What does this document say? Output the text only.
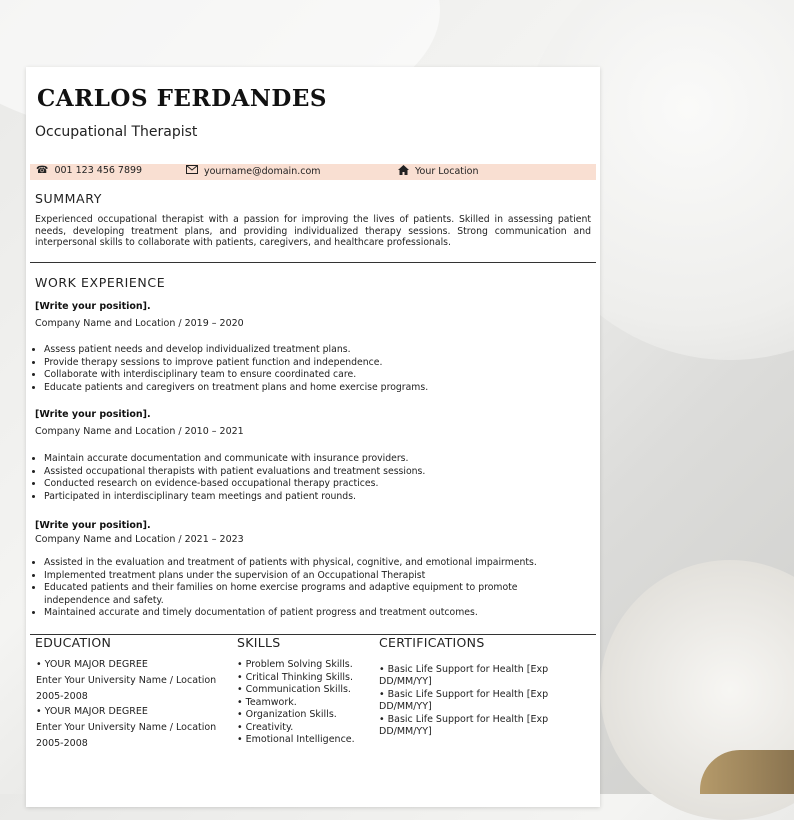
CARLOS FERDANDES
Occupational Therapist
☎ 001 123 456 7899	yourname@domain.com	Your Location
SUMMARY
Experienced occupational therapist with a passion for improving the lives of patients. Skilled in assessing patient needs, developing treatment plans, and providing individualized therapy sessions. Strong communication and interpersonal skills to collaborate with patients, caregivers, and healthcare professionals.
WORK EXPERIENCE
[Write your position].
Company Name and Location / 2019 – 2020
• Assess patient needs and develop individualized treatment plans.
• Provide therapy sessions to improve patient function and independence.
• Collaborate with interdisciplinary team to ensure coordinated care.
• Educate patients and caregivers on treatment plans and home exercise programs.
[Write your position].
Company Name and Location / 2010 – 2021
• Maintain accurate documentation and communicate with insurance providers.
• Assisted occupational therapists with patient evaluations and treatment sessions.
• Conducted research on evidence-based occupational therapy practices.
• Participated in interdisciplinary team meetings and patient rounds.
[Write your position].
Company Name and Location / 2021 – 2023
• Assisted in the evaluation and treatment of patients with physical, cognitive, and emotional impairments.
• Implemented treatment plans under the supervision of an Occupational Therapist
• Educated patients and their families on home exercise programs and adaptive equipment to promote independence and safety.
• Maintained accurate and timely documentation of patient progress and treatment outcomes.
EDUCATION	SKILLS	CERTIFICATIONS
• YOUR MAJOR DEGREE
Enter Your University Name / Location
2005-2008
• YOUR MAJOR DEGREE
Enter Your University Name / Location
2005-2008
• Problem Solving Skills.
• Critical Thinking Skills.
• Communication Skills.
• Teamwork.
• Organization Skills.
• Creativity.
• Emotional Intelligence.
• Basic Life Support for Health [Exp DD/MM/YY]
• Basic Life Support for Health [Exp DD/MM/YY]
• Basic Life Support for Health [Exp DD/MM/YY]
